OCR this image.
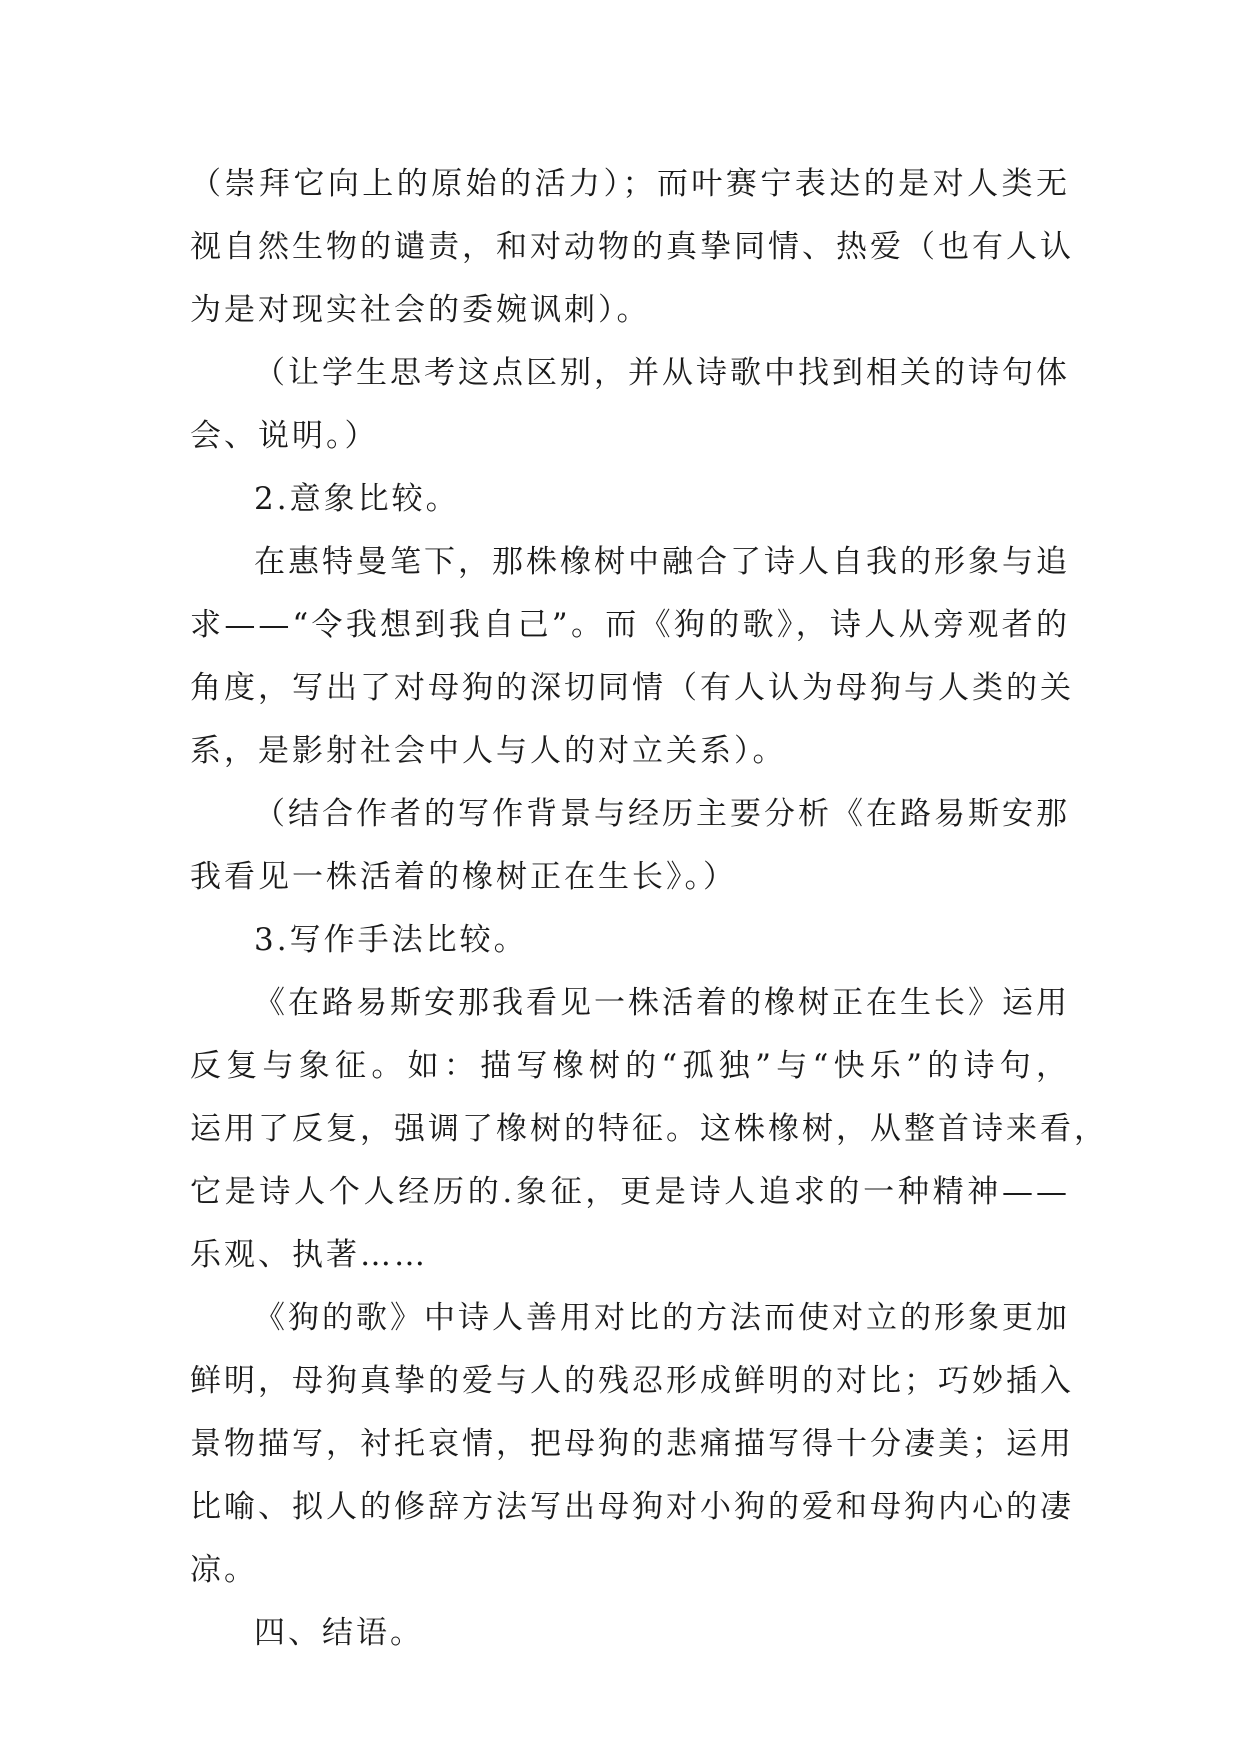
（崇拜它向上的原始的活力）；而叶赛宁表达的是对人类无
视自然生物的谴责，和对动物的真挚同情、热爱（也有人认
为是对现实社会的委婉讽刺）。
（让学生思考这点区别，并从诗歌中找到相关的诗句体
会、说明。）
2.意象比较。
在惠特曼笔下，那株橡树中融合了诗人自我的形象与追
求——“令我想到我自己”。而《狗的歌》，诗人从旁观者的
角度，写出了对母狗的深切同情（有人认为母狗与人类的关
系，是影射社会中人与人的对立关系）。
（结合作者的写作背景与经历主要分析《在路易斯安那
我看见一株活着的橡树正在生长》。）
3.写作手法比较。
《在路易斯安那我看见一株活着的橡树正在生长》运用
反复与象征。如：描写橡树的“孤独”与“快乐”的诗句，
运用了反复，强调了橡树的特征。这株橡树，从整首诗来看，
它是诗人个人经历的.象征，更是诗人追求的一种精神——
乐观、执著……
《狗的歌》中诗人善用对比的方法而使对立的形象更加
鲜明，母狗真挚的爱与人的残忍形成鲜明的对比；巧妙插入
景物描写，衬托哀情，把母狗的悲痛描写得十分凄美；运用
比喻、拟人的修辞方法写出母狗对小狗的爱和母狗内心的凄
凉。
四、结语。
